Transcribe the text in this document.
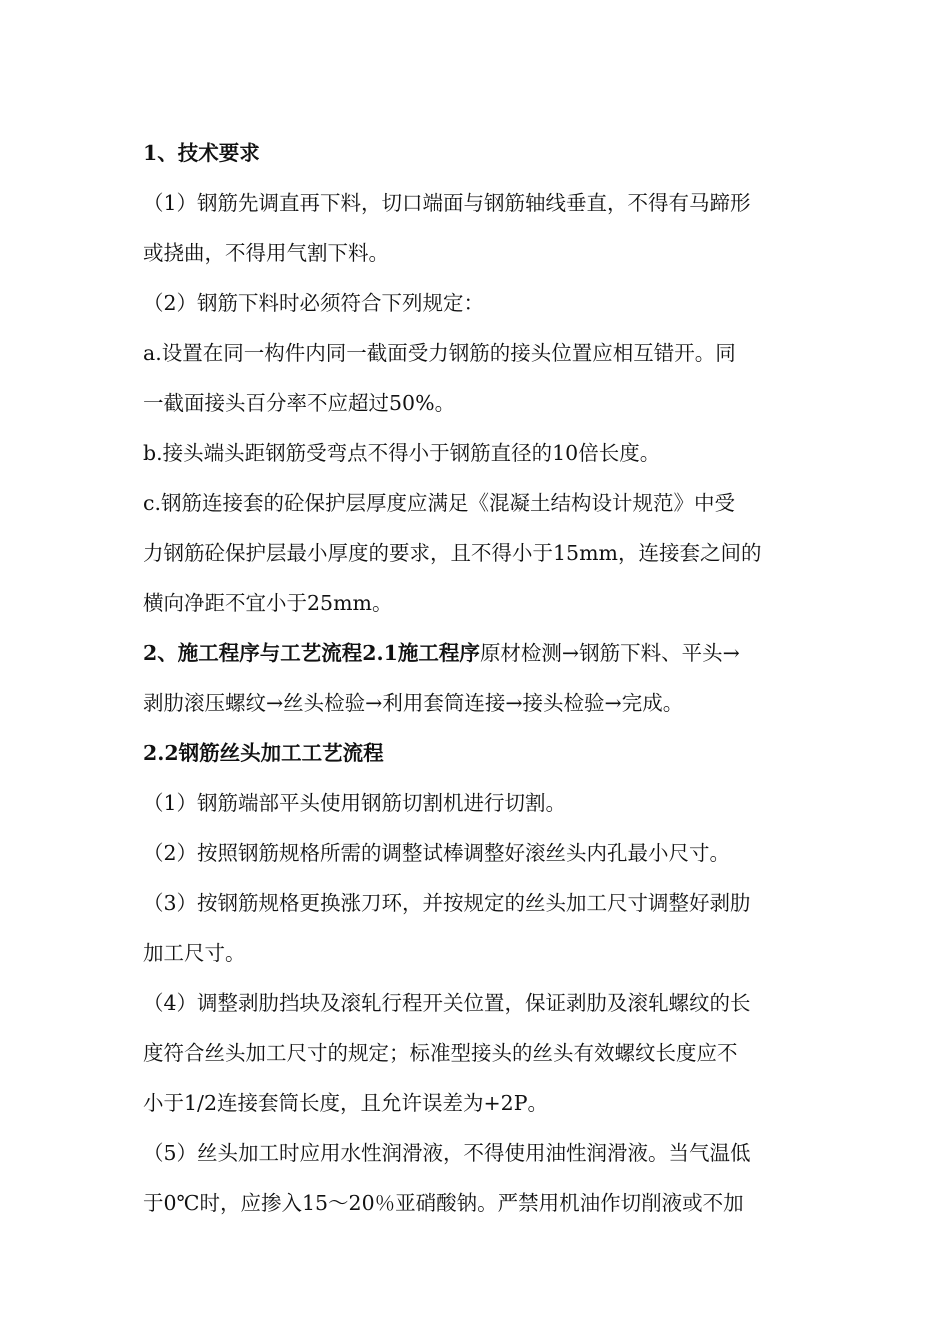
1、技术要求
（1）钢筋先调直再下料，切口端面与钢筋轴线垂直，不得有马蹄形
或挠曲，不得用气割下料。
（2）钢筋下料时必须符合下列规定：
a.设置在同一构件内同一截面受力钢筋的接头位置应相互错开。同
一截面接头百分率不应超过50%。
b.接头端头距钢筋受弯点不得小于钢筋直径的10倍长度。
c.钢筋连接套的砼保护层厚度应满足《混凝土结构设计规范》中受
力钢筋砼保护层最小厚度的要求，且不得小于15mm，连接套之间的
横向净距不宜小于25mm。
2、施工程序与工艺流程2.1施工程序原材检测→钢筋下料、平头→
剥肋滚压螺纹→丝头检验→利用套筒连接→接头检验→完成。
2.2钢筋丝头加工工艺流程
（1）钢筋端部平头使用钢筋切割机进行切割。
（2）按照钢筋规格所需的调整试棒调整好滚丝头内孔最小尺寸。
（3）按钢筋规格更换涨刀环，并按规定的丝头加工尺寸调整好剥肋
加工尺寸。
（4）调整剥肋挡块及滚轧行程开关位置，保证剥肋及滚轧螺纹的长
度符合丝头加工尺寸的规定；标准型接头的丝头有效螺纹长度应不
小于1/2连接套筒长度，且允许误差为+2P。
（5）丝头加工时应用水性润滑液，不得使用油性润滑液。当气温低
于0℃时，应掺入15～20％亚硝酸钠。严禁用机油作切削液或不加
